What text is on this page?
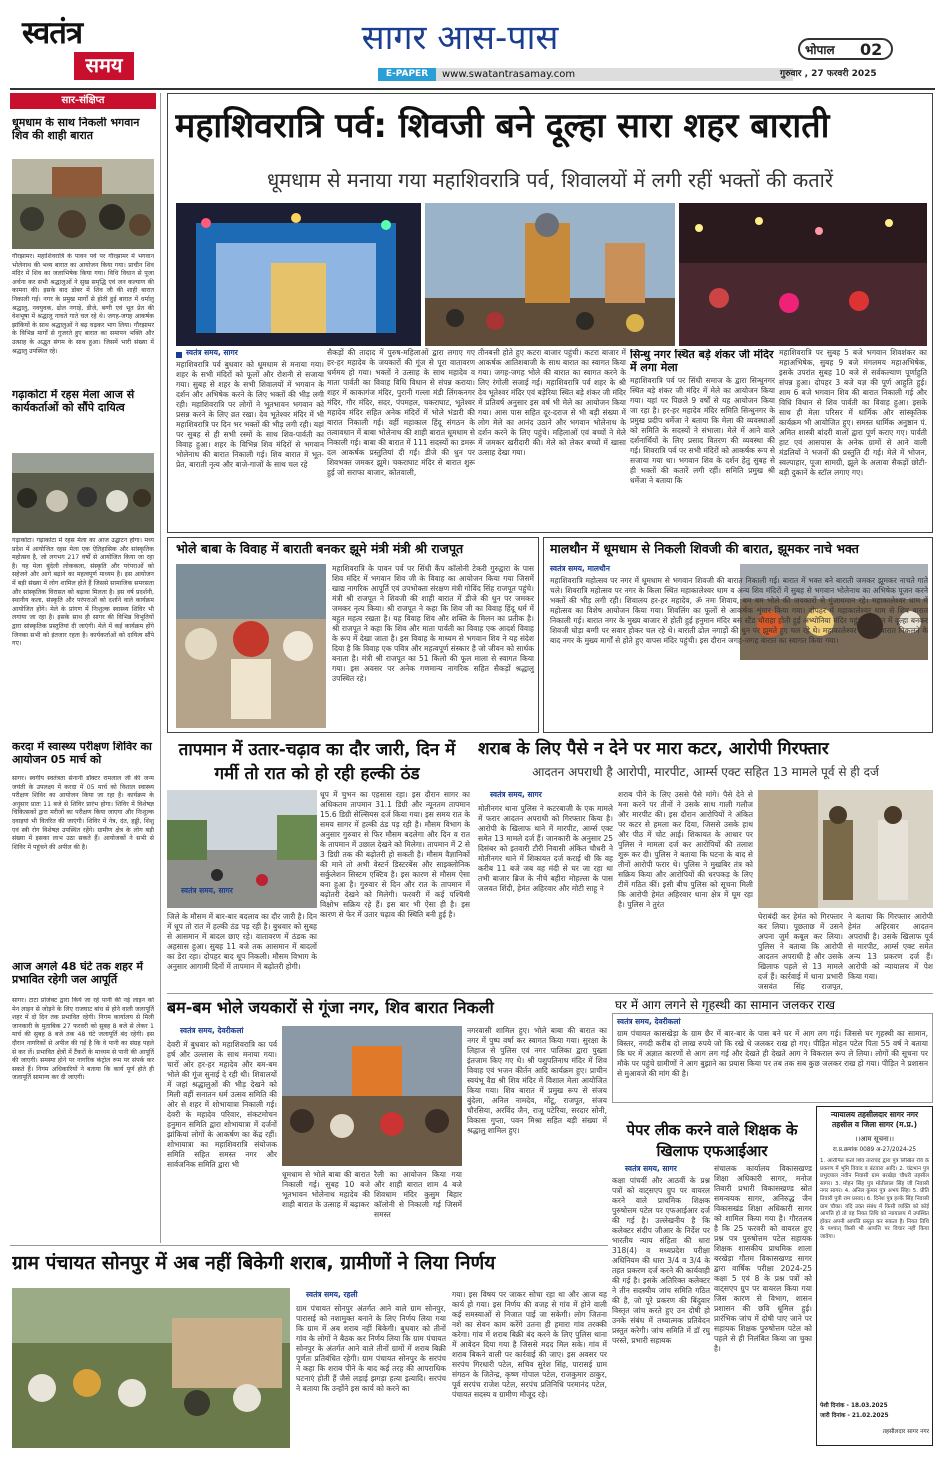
स्वतंत्र
समय
सागर आस-पास
E-PAPER	www.swatantrasamay.com
भोपाल	02
गुरुवार , 27 फरवरी 2025
सार-संक्षिप्त
धूमधाम के साथ निकली भगवान शिव की शाही बारात
गौरझामर। महाशिवरात्रि के पावन पर्व पर गौरझामर में भगवान भोलेनाथ की भव्य बारात का आयोजन किया गया। प्राचीन शिव मंदिर में शिव का जलाभिषेक किया गया। विधि विधान से पूजा अर्चना कर सभी श्रद्धालुओं ने सुख समृद्धि एवं जन कल्याण की कामना की। इसके बाद डोबर में शिव जी की शाही बारात निकाली गई। नगर के प्रमुख मार्गों से होती हुई बारात में धर्मालु श्रद्धालु, नवयुवक, ढोल नगाड़े, डीजे, बग्गी एवं भूत प्रेत की वेशभूषा में श्रद्धालु नाचते गाते चल रहे थे। जगह-जगह आकर्षक झांकियों के साथ श्रद्धालुओं ने बढ़ चढ़कर भाग लिया। गौरझामर के विभिन्न मार्गों से गुजरते हुए बारात का समापन भक्ति और उत्साह के अद्भुत संगम के साथ हुआ। जिसमें भारी संख्या में श्रद्धालु उपस्थित रहे।
गढ़ाकोटा में रहस मेला आज से कार्यकर्ताओं को सौंपे दायित्व
गढ़ाकोटा। गढ़ाकोटा में रहस मेला का आज उद्घाटन होगा। मध्य प्रदेश में आयोजित रहस मेला एक ऐतिहासिक और सांस्कृतिक महोत्सव है, जो लगभग 217 वर्षों से आयोजित किया जा रहा है। यह मेला बुंदेली लोककला, संस्कृति और परंपराओं को सहेजने और आगे बढ़ाने का महत्वपूर्ण माध्यम है। इस आयोजन में बड़ी संख्या में लोग शामिल होते हैं जिससे सामाजिक समरसता और सांस्कृतिक विरासत को बढ़ावा मिलता है। इस वर्ष प्रदर्शनी, स्थानीय कला, संस्कृति और परंपराओं को दर्शाने वाले कार्यक्रम आयोजित होंगे। मेले के प्रांगण में निःशुल्क स्वास्थ्य शिविर भी लगाया जा रहा है। इसके साथ ही सागर की विभिन्न विभूतियों द्वारा सांस्कृतिक प्रस्तुतियां दी जाएंगी। मेले में कई कार्यक्रम होंगे जिनका सभी को इंतजार रहता है। कार्यकर्ताओं को दायित्व सौंपे गए।
करदा में स्वास्थ्य परीक्षण शिविर का आयोजन 05 मार्च को
सागर। स्वर्गीय स्वतंत्रता सेनानी डॉक्टर रामलाल जी की जन्म जयंती के उपलक्ष्य में करदा में 05 मार्च को विशाल स्वास्थ्य परीक्षण शिविर का आयोजन किया जा रहा है। कार्यक्रम के अनुसार प्रातः 11 बजे से शिविर प्रारंभ होगा। शिविर में विशेषज्ञ चिकित्सकों द्वारा मरीजों का परीक्षण किया जाएगा और निःशुल्क दवाइयां भी वितरित की जाएंगी। शिविर में नेत्र, दंत, हड्डी, शिशु एवं स्त्री रोग विशेषज्ञ उपस्थित रहेंगे। ग्रामीण क्षेत्र के लोग बड़ी संख्या में इसका लाभ उठा सकते हैं। आयोजकों ने सभी से शिविर में पहुंचने की अपील की है।
आज अगले 48 घंटे तक शहर में प्रभावित रहेगी जल आपूर्ति
सागर। टाटा प्रोजेक्ट द्वारा किये जा रहे पानी की नई लाइन को मेन लाइन से जोड़ने के लिए राजघाट बांध से होने वाली जलापूर्ति शहर में दो दिन तक प्रभावित रहेगी। निगम कार्यालय से मिली जानकारी के मुताबिक 27 फरवरी को सुबह 8 बजे से लेकर 1 मार्च की सुबह 8 बजे तक 48 घंटे जलापूर्ति बंद रहेगी। इस दौरान नागरिकों से अपील की गई है कि वे पानी का संग्रह पहले से कर लें। प्रभावित क्षेत्रों में टैंकरों के माध्यम से पानी की आपूर्ति की जाएगी। समस्या होने पर नागरिक कंट्रोल रूम पर संपर्क कर सकते हैं। निगम अधिकारियों ने बताया कि कार्य पूर्ण होते ही जलापूर्ति सामान्य कर दी जाएगी।
महाशिवरात्रि पर्व: शिवजी बने दूल्हा सारा शहर बाराती
धूमधाम से मनाया गया महाशिवरात्रि पर्व, शिवालयों में लगी रहीं भक्तों की कतारें
स्वतंत्र समय, सागर
महाशिवरात्रि पर्व बुधवार को धूमधाम से मनाया गया। शहर के सभी मंदिरों को फूलों और रोशनी से सजाया गया। सुबह से शहर के सभी शिवालयों में भगवान के दर्शन और अभिषेक करने के लिए भक्तों की भीड़ लगी रही। महाशिवरात्रि पर लोगों ने भूतभावन भगवान को प्रसन्न करने के लिए व्रत रखा। देव भूतेश्वर मंदिर में भी महाशिवरात्रि पर दिन भर भक्तों की भीड़ लगी रही। यहां पर सुबह से ही सभी रस्मों के साथ शिव-पार्वती का विवाह हुआ। शहर के विभिन्न शिव मंदिरों से भगवान भोलेनाथ की बारात निकाली गई। शिव बारात में भूत-प्रेत, बाराती नृत्य और बाजे-गाजों के साथ चल रहे
सैकड़ों की तादाद में पुरुष-महिलाओं द्वारा लगाए गए हर-हर महादेव के जयकारों की गूंज से पूरा वातावरण धर्ममय हो गया। भक्तों ने उत्साह के साथ महादेव व माता पार्वती का विवाह विधि विधान से संपन्न कराया। शहर में काकागंज मंदिर, पुरानी गल्ला मंडी लिंगकनगर मंदिर, गौर मंदिर, सदर, पंपमहल, चकराघाट, भूतेश्वर महादेव मंदिर सहित अनेक मंदिरों में भोले भंडारी की बारात निकाली गई। वहीं महाकाल हिंदू संगठन के तत्वावधान में बाबा भोलेनाथ की शाही बारात धूमधाम से निकाली गई। बाबा की बारात में 111 सदस्यों का डमरू दल आकर्षक प्रस्तुतियां दी गईं। डीजे की धुन पर शिवभक्त जमकर झूमे। चकराघाट मंदिर से बारात शुरू हुई जो सराफा बाजार, कोतवाली,
तीनबत्ती होते हुए कटरा बाजार पहुंची। कटरा बाजार में आकर्षक आतिशबाजी के साथ बारात का स्वागत किया गया। जगह-जगह भोले की बारात का स्वागत करने के लिए रंगोली सजाई गई। महाशिवरात्रि पर्व शहर के श्री देव भूतेश्वर मंदिर एवं बड़ेरिया स्थित बड़े शंकर जी मंदिर में प्रतिवर्ष अनुसार इस वर्ष भी मेले का आयोजन किया गया। आस पास सहित दूर-दराज से भी बड़ी संख्या में लोग मेले का आनंद उठाने और भगवान भोलेनाथ के दर्शन करने के लिए पहुंचे। महिलाओं एवं बच्चों ने मेले में जमकर खरीदारी की। मेले को लेकर बच्चों में खासा उत्साह देखा गया।
सिन्धु नगर स्थित बड़े शंकर जी मंदिर में लगा मेला
महाशिवरात्रि पर्व पर सिंधी समाज के द्वारा सिन्धुनगर स्थित बड़े शंकर जी मंदिर में मेले का आयोजन किया गया। यहां पर पिछले 9 वर्षों से यह आयोजन किया जा रहा है। हर-हर महादेव मंदिर समिति सिन्धुनगर के प्रमुख प्रदीप धर्मेजा ने बताया कि मेला की व्यवस्थाओं को समिति के सदस्यों ने संभाला। मेले में आने वाले दर्शनार्थियों के लिए प्रसाद वितरण की व्यवस्था की गई। शिवरात्रि पर्व पर सभी मंदिरों को आकर्षक रूप से सजाया गया था। भगवान शिव के दर्शन हेतु सुबह से ही भक्तों की कतारें लगी रहीं। समिति प्रमुख श्री धर्मेजा ने बताया कि
महाशिवरात्रि पर सुबह 5 बजे भगवान शिवशंकर का महाअभिषेक, सुबह 9 बजे मंगलमय महाअभिषेक, इसके उपरांत सुबह 10 बजे से सर्वकल्याण पूर्णाहुति संपन्न हुआ। दोपहर 3 बजे यज्ञ की पूर्ण आहुति हुई। शाम 6 बजे भगवान शिव की बारात निकाली गई और विधि विधान से शिव पार्वती का विवाह हुआ। इसके साथ ही मेला परिसर में धार्मिक और सांस्कृतिक कार्यक्रम भी आयोजित हुए। समस्त धार्मिक अनुष्ठान पं. अमित शास्त्री बांदरी वालों द्वारा पूर्ण कराए गए। पार्वती हाट एवं आसपास के अनेक ग्रामों से आने वाली मंडलियों ने भजनों की प्रस्तुति दी गई। मेले में भोजन, स्वल्पाहार, पूजा सामग्री, झूले के अलावा सैकड़ों छोटी-बड़ी दुकानें के स्टॉल लगाए गए।
भोले बाबा के विवाह में बाराती बनकर झूमे मंत्री मंत्री श्री राजपूत
महाशिवरात्रि के पावन पर्व पर सिंधी कैंप कॉलोनी टेकरी गुरुद्वारा के पास शिव मंदिर में भगवान शिव जी के विवाह का आयोजन किया गया जिसमें खाद्य नागरिक आपूर्ति एवं उपभोक्ता संरक्षण मंत्री गोविंद सिंह राजपूत पहुंचे। मंत्री श्री राजपूत ने शिवजी की शाही बारात में डीजे की धुन पर जमकर जमकर नृत्य किया। श्री राजपूत ने कहा कि शिव जी का विवाह हिंदू धर्म में बहुत महत्व रखता है। यह विवाह शिव और शक्ति के मिलन का प्रतीक है। श्री राजपूत ने कहा कि शिव और माता पार्वती का विवाह एक आदर्श विवाह के रूप में देखा जाता है। इस विवाह के माध्यम से भगवान शिव ने यह संदेश दिया है कि विवाह एक पवित्र और महत्वपूर्ण संस्कार है जो जीवन को सार्थक बनाता है। मंत्री श्री राजपूत का 51 किलो की फूल माला से स्वागत किया गया। इस अवसर पर अनेक गणमान्य नागरिक सहित सैकड़ों श्रद्धालु उपस्थित रहे।
मालथौन में धूमधाम से निकली शिवजी की बारात, झूमकर नाचे भक्त
स्वतंत्र समय, मालथौन
महाशिवरात्रि महोत्सव पर नगर में धूमधाम से भगवान शिवजी की बारात निकाली गई। बारात में भक्त बने बाराती जमकर झूमकर नाचते गाते चले। शिवरात्रि महोत्सव पर नगर के किला स्थित महाकालेश्वर धाम व अन्य शिव मंदिरों में सुबह से भगवान भोलेनाथ का अभिषेक पूजन करने भक्तों की भीड़ लगी रही। शिवालय हर-हर महादेव, ॐ नमः शिवाय, बम बम भोले की जयकारों से गुंजायमान रहे। महाकालेश्वर धाम में महोत्सव का विशेष आयोजन किया गया। शिवलिंग का फूलों से आकर्षक शृंगार किया गया। दोपहर में महाकालेश्वर धाम से शिव बारात निकाली गई। बारात नगर के मुख्य बाजार से होती हुई हनुमान मंदिर बस स्टैंड चौराहा होती हुई अभ्योनिया मंदिर पहुंची। बारात में दूल्हा बनकर शिवजी घोड़ा बग्गी पर सवार होकर चल रहे थे। बाराती ढोल नगाड़ों की धुन पर झूमते हुए चल रहे थे। महाकालेश्वर धाम से बारात निकलने के बाद नगर के मुख्य मार्गों से होते हुए वापस मंदिर पहुंची। इस दौरान जगह-जगह बारात का स्वागत किया गया।
तापमान में उतार-चढ़ाव का दौर जारी, दिन में गर्मी तो रात को हो रही हल्की ठंड
स्वतंत्र समय, सागर
जिले के मौसम में बार-बार बदलाव का दौर जारी है। दिन में धूप तो रात में हल्की ठंड पड़ रही है। बुधवार को सुबह से आसमान में बादल छाए रहे। वातावरण में ठंडक का अहसास हुआ। सुबह 11 बजे तक आसमान में बादलों का डेरा रहा। दोपहर बाद धूप निकली। मौसम विभाग के अनुसार आगामी दिनों में तापमान में बढ़ोतरी होगी।
धूप में चुभन का एहसास रहा। इस दौरान सागर का अधिकतम तापमान 31.1 डिग्री और न्यूनतम तापमान 15.6 डिग्री सेल्सियस दर्ज किया गया। इस समय रात के समय सागर में हल्की ठंड पड़ रही है। मौसम विभाग के अनुसार गुरुवार से फिर मौसम बदलेगा और दिन व रात के तापमान में उछाल देखने को मिलेगा। तापमान में 2 से 3 डिग्री तक की बढ़ोतरी हो सकती है। मौसम वैज्ञानिकों की माने तो अभी वेस्टर्न डिस्टरबेंस और साइक्लोनिक सर्कुलेशन सिस्टम एक्टिव है। इस कारण से मौसम ऐसा बना हुआ है। गुरुवार से दिन और रात के तापमान में बढ़ोतरी देखने को मिलेगी। फरवरी में कई पश्चिमी विक्षोभ सक्रिय रहे हैं। इस बार भी ऐसा ही है। इस कारण से फेर में उतार चढ़ाव की स्थिति बनी हुई है।
शराब के लिए पैसे न देने पर मारा कटर, आरोपी गिरफ्तार
आदतन अपराधी है आरोपी, मारपीट, आर्म्स एक्ट सहित 13 मामले पूर्व से ही दर्ज
स्वतंत्र समय, सागर
मोतीनगर थाना पुलिस ने कटरबाजी के एक मामले में फरार आदतन अपराधी को गिरफ्तार किया है। आरोपी के खिलाफ थाने में मारपीट, आर्म्स एक्ट समेत 13 मामले दर्ज हैं। जानकारी के अनुसार 25 दिसंबर को इतवारी टौरी निवासी अंकित चौधरी ने मोतीनगर थाने में शिकायत दर्ज कराई थी कि वह करीब 11 बजे जब वह मंदी से घर जा रहा था तभी बाजार ब्रिज के नीचे बहीरा मोहल्ला के पास जलवत शिंदी, हेमंत अहिरवार और मोटी साहू ने
शराब पीने के लिए उससे पैसे मांगे। पैसे देने से मना करने पर तीनों ने उसके साथ गाली गलौज और मारपीट की। इस दौरान आरोपियों ने अंकित पर कटर से हमला कर दिया, जिससे उसके हाथ और पीठ में चोट आई। शिकायत के आधार पर पुलिस ने मामला दर्ज कर आरोपियों की तलाश शुरू कर दी। पुलिस ने बताया कि घटना के बाद से तीनों आरोपी फरार थे। पुलिस ने मुखबिर तंत्र को सक्रिय किया और आरोपियों की धरपकड़ के लिए टीमें गठित कीं। इसी बीच पुलिस को सूचना मिली कि आरोपी हेमंत अहिरवार थाना क्षेत्र में घूम रहा है। पुलिस ने तुरंत
घेराबंदी कर हेमंत को गिरफ्तार कर लिया। पूछताछ में उसने अपना जुर्म कबूल कर लिया। पुलिस ने बताया कि आरोपी आदतन अपराधी है और उसके खिलाफ पहले से 13 मामले दर्ज हैं। कार्रवाई में थाना प्रभारी जसवंत सिंह राजपूत,
ने बताया कि गिरफ्तार आरोपी हेमंत अहिरवार आदतन अपराधी है। उसके खिलाफ पूर्व से मारपीट, आर्म्स एक्ट समेत अन्य 13 प्रकरण दर्ज हैं। आरोपी को न्यायालय में पेश किया गया।
बम-बम भोले जयकारों से गूंजा नगर, शिव बारात निकली
स्वतंत्र समय, देवरीकलां
देवरी में बुधवार को महाशिवरात्रि का पर्व हर्ष और उल्लास के साथ मनाया गया। चारों ओर हर-हर महादेव और बम-बम भोले की गूंज सुनाई दे रही थी। शिवालयों में जहां श्रद्धालुओं की भीड़ देखने को मिली वहीं सनातन धर्म उत्सव समिति की ओर से शहर में शोभायात्रा निकाली गई। देवरी के महादेव परिवार, संकटमोचन हनुमान समिति द्वारा शोभायात्रा में दर्जनों झांकियां लोगों के आकर्षण का केंद्र रहीं। शोभायात्रा का महाशिवरात्रि संयोजक समिति सहित समस्त नगर और सार्वजनिक समिति द्वारा भी
धूमधाम से भोले बाबा की बारात निकाली गई। सुबह 10 बजे भूतभावन भोलेनाथ महादेव की शाही बारात के उत्साह में बढ़ाकर
रैली का आयोजन किया गया और शाही बारात शाम 4 बजे शिवधाम मंदिर कुसुम बिहार कॉलोनी से निकाली गई जिसमें समस्त
नगरवासी शामिल हुए। भोले बाबा की बारात का नगर में पुष्प वर्षा कर स्वागत किया गया। सुरक्षा के लिहाज से पुलिस एवं नगर पालिका द्वारा पुख्ता इंतजाम किए गए थे। श्री पशुपतिनाथ मंदिर में शिव विवाह एवं भजन कीर्तन आदि कार्यक्रम हुए। प्राचीन स्वयंभू वैद्य श्री शिव मंदिर में विशाल मेला आयोजित किया गया। शिव बारात में प्रमुख रूप से संजय बुंदेला, अनिल नामदेव, मोंटू, राजपूत, संजय चौरसिया, अरविंद जैन, राजू पटेरिया, सरदार सोनी, विकास गुप्ता, पवन मिश्रा सहित बड़ी संख्या में श्रद्धालु शामिल हुए।
घर में आग लगने से गृहस्थी का सामान जलकर राख
स्वतंत्र समय, देवरीकलां
ग्राम पंचायत कासखेड़ा के ग्राम छैर में बार-बार के पास बने घर में आग लग गई। जिससे घर गृहस्थी का सामान, बिस्तर, नगदी करीब दो लाख रुपये जो कि रखे थे जलकर राख हो गए। पीड़ित मोहन पटेल पिता 55 वर्ष ने बताया कि घर में अज्ञात कारणों से आग लग गई और देखते ही देखते आग ने विकराल रूप ले लिया। लोगों की सूचना पर मौके पर पहुंचे ग्रामीणों ने आग बुझाने का प्रयास किया पर तब तक सब कुछ जलकर राख हो गया। पीड़ित ने प्रशासन से मुआवजे की मांग की है।
पेपर लीक करने वाले शिक्षक के खिलाफ एफआईआर
स्वतंत्र समय, सागर
कक्षा पांचवीं और आठवीं के प्रश्न पत्रों को वाट्सएप ग्रुप पर वायरल करने वाले प्राथमिक शिक्षक पुरुषोत्तम पटेल पर एफआईआर दर्ज की गई है। उल्लेखनीय है कि कलेक्टर संदीप जीआर के निर्देश पर भारतीय न्याय संहिता की धारा 318(4) व मध्यप्रदेश परीक्षा अधिनियम की धारा 3/4 व 3/4 के तहत प्रकरण दर्ज करने की कार्यवाही की गई है। इसके अतिरिक्त कलेक्टर ने तीन सदस्यीय जांच समिति गठित की है, जो पूरे प्रकरण की बिंदुवार विस्तृत जांच करते हुए उन दोषी हो उनके संबंध में तथ्यात्मक प्रतिवेदन प्रस्तुत करेगी। जांच समिति में डॉ रघु परस्ते, प्रभारी सहायक
संचालक कार्यालय विकासखण्ड शिक्षा अधिकारी सागर, मनोज तिवारी प्रभारी विकासखण्ड स्रोत समन्वयक सागर, अनिरुद्ध जैन विकासखंड शिक्षा अधिकारी सागर को शामिल किया गया है। गौरतलब है कि 25 फरवरी को वायरल हुए प्रश्न पत्र पुरुषोत्तम पटेल सहायक शिक्षक शासकीय प्राथमिक शाला बरखेड़ा गौतम विकासखण्ड सागर द्वारा वार्षिक परीक्षा 2024-25 कक्षा 5 एवं 8 के प्रश्न पत्रों को वाट्सएप ग्रुप पर वायरल किया गया जिस कारण से विभाग, शासन प्रशासन की छवि धूमिल हुई। प्रारंभिक जांच में दोषी पाए जाने पर सहायक शिक्षक पुरुषोत्तम पटेल को पहले से ही निलंबित किया जा चुका है।
न्यायालय तहसीलदार सागर नगर तहसील व जिला सागर (म.प्र.)
।।आम सूचना।।
रा.प्र.क्रमांक 0089 अ-27/2024-25
1. आरोपित कर्ता शिव ताराचंद द्वारा पुत्र लिखित रवि के प्रकरण में भूमि विवाद व बंटवारा आदि। 2. चंद्रभान पुत्र प्रभुदयाल नवीन निवासी ग्राम बरखेड़ा चौधरी तहसील सागर। 3. मोहन सिंह पुत्र मोतीलाल सिंह जी निवासी नगर सागर। 4. अनिल कुमार पुत्र अभय सिंह। 5. प्रीति तिवारी पुत्री राम प्रसाद। 6. दिनेश पुत्र हल्के सिंह निवासी ग्राम चौका। यदि उक्त संबंध में किसी व्यक्ति को कोई आपत्ति हो तो वह नियत तिथि को न्यायालय में उपस्थित होकर अपनी आपत्ति प्रस्तुत कर सकता है। नियत तिथि के पश्चात् किसी भी आपत्ति पर विचार नहीं किया जावेगा।
पेशी दिनांक - 18.03.2025
जारी दिनांक - 21.02.2025
तहसीलदार सागर नगर
ग्राम पंचायत सोनपुर में अब नहीं बिकेगी शराब, ग्रामीणों ने लिया निर्णय
स्वतंत्र समय, रहली
ग्राम पंचायत सोनपुर अंतर्गत आने वाले ग्राम सोनपुर, पारासई को नशामुक्त बनाने के लिए निर्णय लिया गया कि ग्राम में अब शराब नहीं बिकेगी। बुधवार को तीनों गांव के लोगों ने बैठक कर निर्णय लिया कि ग्राम पंचायत सोनपुर के अंतर्गत आने वाले तीनों ग्रामों में शराब बिक्री पूर्णतः प्रतिबंधित रहेगी। ग्राम पंचायत सोनपुर के सरपंच ने कहा कि शराब पीने के बाद कई तरह की आपराधिक घटनाएं होती हैं जैसे लड़ाई झगड़ा हत्या इत्यादि। सरपंच ने बताया कि उन्होंने इस कार्य को करने का
गया। इस विषय पर जाकर सोचा रहा था और आज यह कार्य हो गया। इस निर्णय की वजह से गांव में होने वाली कई समस्याओं से निजात पाई जा सकेगी। लोग जितना नशे का सेवन काम करेंगे उतना ही हमारा गांव तरक्की करेगा। गांव में शराब बिक्री बंद करने के लिए पुलिस थाना में आवेदन दिया गया है जिससे मदद मिल सके। गांव में शराब बिकने वाली पर कार्रवाई की जाए। इस अवसर पर सरपंच गिरधारी पटेल, सचिव सुरेश सिंह, पारासई ग्राम संगठन के जितेन्द्र, कृष्ण गोपाल पटेल, राजकुमार ठाकुर, पूर्व सरपंच राजेश पटेल, सरपंच प्रतिनिधि परमानंद पटेल, पंचायत सदस्य व ग्रामीण मौजूद रहे।
